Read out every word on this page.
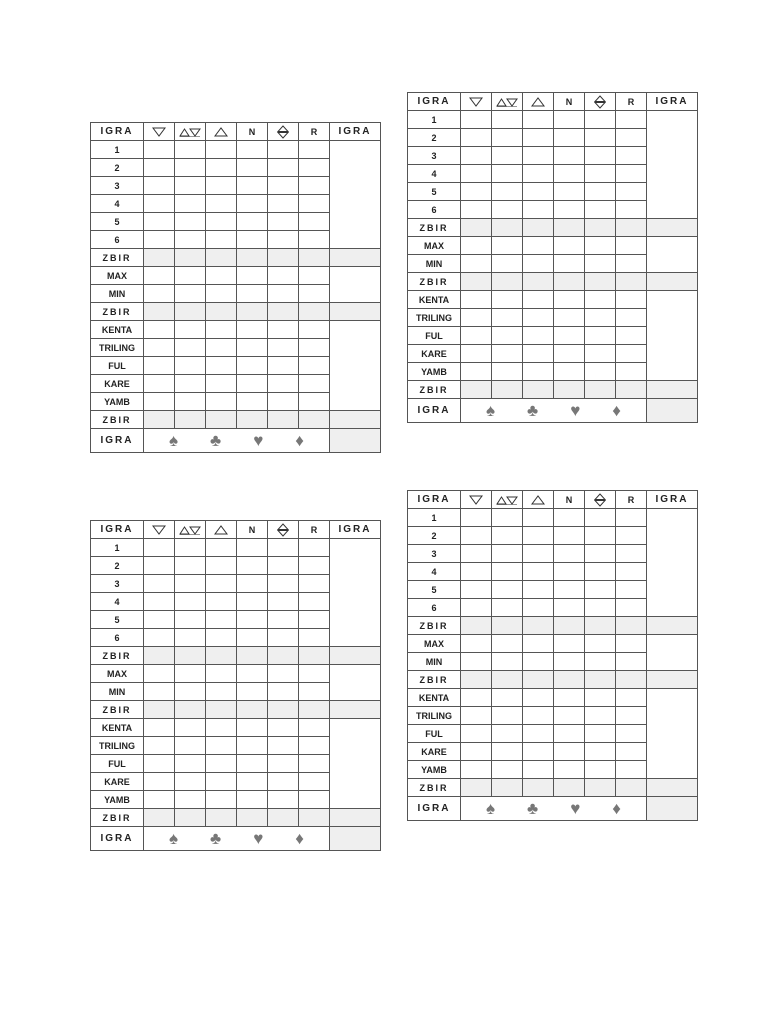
IGRA				N		R	IGRA
1							
2							
3							
4							
5							
6							
ZBIR							
MAX							
MIN							
ZBIR							
KENTA							
TRILING							
FUL							
KARE							
YAMB							
ZBIR							
IGRA	♠ ♣ ♥ ♦						
IGRA				N		R	IGRA
1							
2							
3							
4							
5							
6							
ZBIR							
MAX							
MIN							
ZBIR							
KENTA							
TRILING							
FUL							
KARE							
YAMB							
ZBIR							
IGRA	♠ ♣ ♥ ♦						
IGRA				N		R	IGRA
1							
2							
3							
4							
5							
6							
ZBIR							
MAX							
MIN							
ZBIR							
KENTA							
TRILING							
FUL							
KARE							
YAMB							
ZBIR							
IGRA	♠ ♣ ♥ ♦						
IGRA				N		R	IGRA
1							
2							
3							
4							
5							
6							
ZBIR							
MAX							
MIN							
ZBIR							
KENTA							
TRILING							
FUL							
KARE							
YAMB							
ZBIR							
IGRA	♠ ♣ ♥ ♦						
